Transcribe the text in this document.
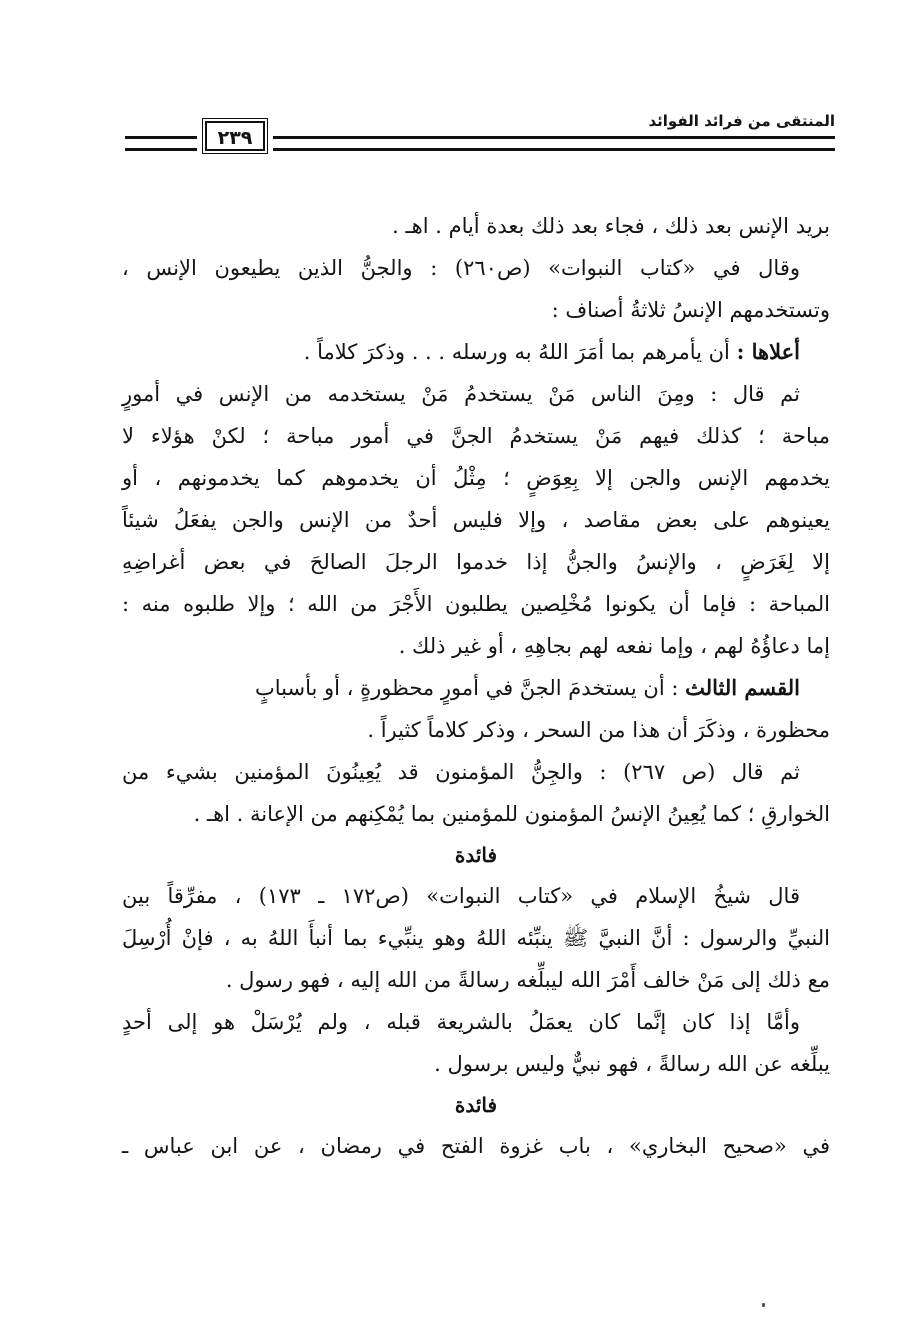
٢٣٩
المنتقى من فرائد الفوائد
بريد الإنس بعد ذلك ، فجاء بعد ذلك بعدة أيام . اهـ .
وقال في «كتاب النبوات» (ص٢٦٠) : والجنُّ الذين يطيعون الإنس ،
وتستخدمهم الإنسُ ثلاثةُ أصناف :
أعلاها : أن يأمرهم بما أمَرَ اللهُ به ورسله . . . وذكرَ كلاماً .
ثم قال : ومِنَ الناس مَنْ يستخدمُ مَنْ يستخدمه من الإنس في أمورٍ
مباحة ؛ كذلك فيهم مَنْ يستخدمُ الجنَّ في أمور مباحة ؛ لكنْ هؤلاء لا
يخدمهم الإنس والجن إلا بِعِوَضٍ ؛ مِثْلُ أن يخدموهم كما يخدمونهم ، أو
يعينوهم على بعض مقاصد ، وإلا فليس أحدٌ من الإنس والجن يفعَلُ شيئاً
إلا لِغَرَضٍ ، والإنسُ والجنُّ إذا خدموا الرجلَ الصالحَ في بعض أغراضِهِ
المباحة : فإما أن يكونوا مُخْلِصين يطلبون الأَجْرَ من الله ؛ وإلا طلبوه منه :
إما دعاؤُهُ لهم ، وإما نفعه لهم بجاهِهِ ، أو غير ذلك .
القسم الثالث : أن يستخدمَ الجنَّ في أمورٍ محظورةٍ ، أو بأسبابٍ
محظورة ، وذكَرَ أن هذا من السحر ، وذكر كلاماً كثيراً .
ثم قال (ص ٢٦٧) : والجِنُّ المؤمنون قد يُعِينُونَ المؤمنين بشيء من
الخوارقِ ؛ كما يُعِينُ الإنسُ المؤمنون للمؤمنين بما يُمْكِنهم من الإعانة . اهـ .
فائدة
قال شيخُ الإسلام في «كتاب النبوات» (ص١٧٢ ـ ١٧٣) ، مفرِّقاً بين
النبيِّ والرسول : أنَّ النبيَّ ﷺ ينبِّئه اللهُ وهو ينبِّيء بما أنبأَ اللهُ به ، فإنْ أُرْسِلَ
مع ذلك إلى مَنْ خالف أَمْرَ الله ليبلِّغه رسالةً من الله إليه ، فهو رسول .
وأمَّا إذا كان إنَّما كان يعمَلُ بالشريعة قبله ، ولم يُرْسَلْ هو إلى أحدٍ
يبلِّغه عن الله رسالةً ، فهو نبيٌّ وليس برسول .
فائدة
في «صحيح البخاري» ، باب غزوة الفتح في رمضان ، عن ابن عباس ـ
